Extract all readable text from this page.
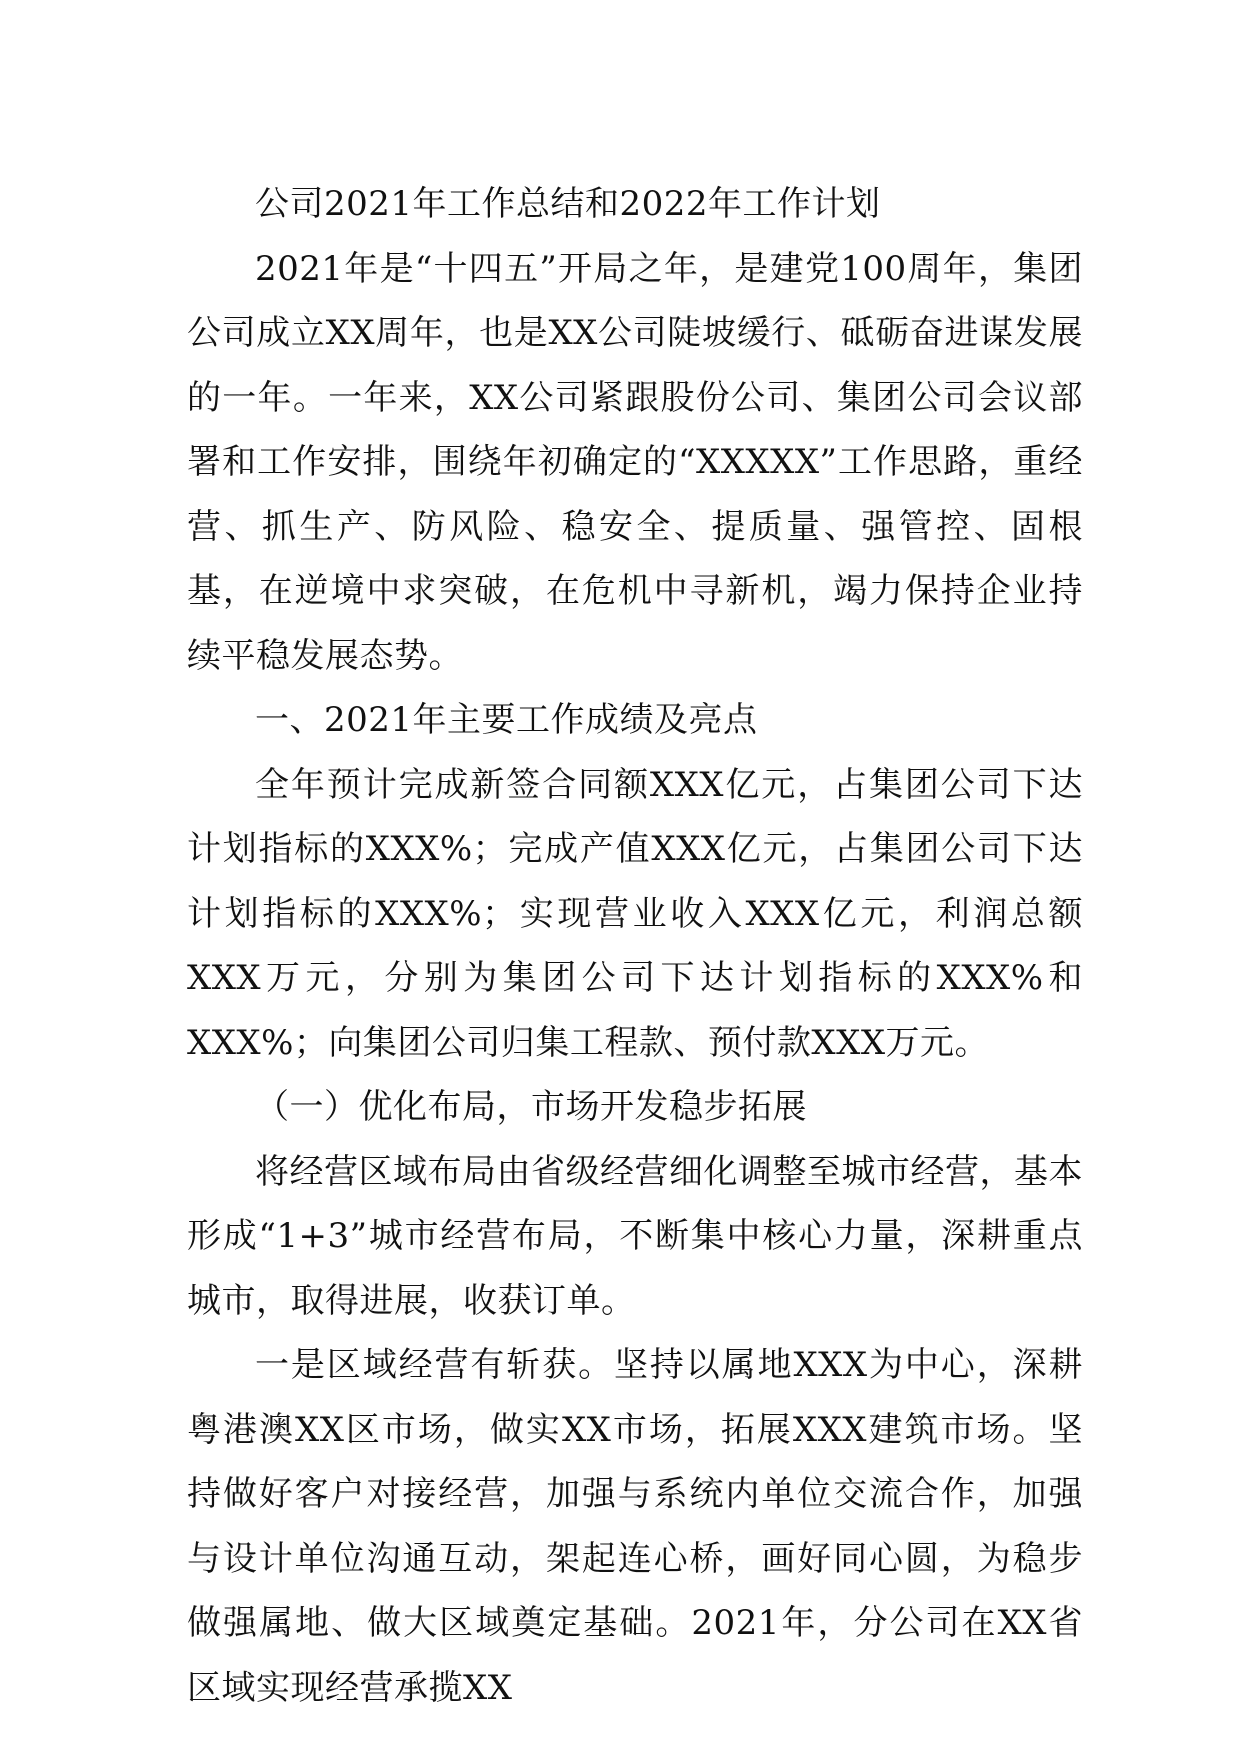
公司2021年工作总结和2022年工作计划

2021年是“十四五”开局之年，是建党100周年，集团公司成立XX周年，也是XX公司陡坡缓行、砥砺奋进谋发展的一年。一年来，XX公司紧跟股份公司、集团公司会议部署和工作安排，围绕年初确定的“XXXXX”工作思路，重经营、抓生产、防风险、稳安全、提质量、强管控、固根基，在逆境中求突破，在危机中寻新机，竭力保持企业持续平稳发展态势。

一、2021年主要工作成绩及亮点

全年预计完成新签合同额XXX亿元，占集团公司下达计划指标的XXX%；完成产值XXX亿元，占集团公司下达计划指标的XXX%；实现营业收入XXX亿元，利润总额XXX万元，分别为集团公司下达计划指标的XXX%和XXX%；向集团公司归集工程款、预付款XXX万元。

（一）优化布局，市场开发稳步拓展

将经营区域布局由省级经营细化调整至城市经营，基本形成“1+3”城市经营布局，不断集中核心力量，深耕重点城市，取得进展，收获订单。

一是区域经营有斩获。坚持以属地XXX为中心，深耕粤港澳XX区市场，做实XX市场，拓展XXX建筑市场。坚持做好客户对接经营，加强与系统内单位交流合作，加强与设计单位沟通互动，架起连心桥，画好同心圆，为稳步做强属地、做大区域奠定基础。2021年，分公司在XX省区域实现经营承揽XX
